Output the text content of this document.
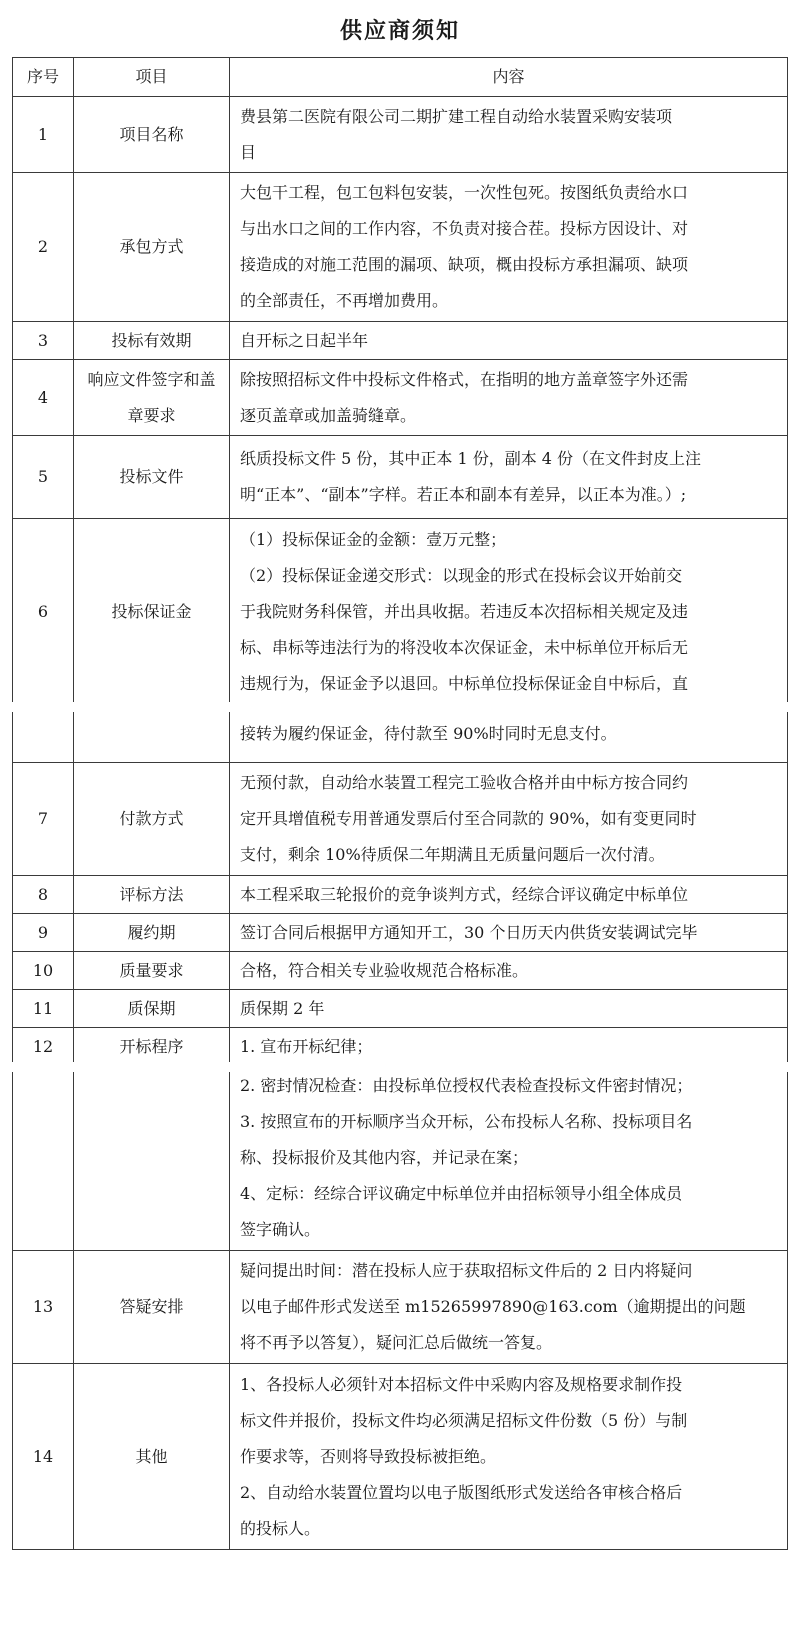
供应商须知
序号	项目	内容
1	项目名称	费县第二医院有限公司二期扩建工程自动给水装置采购安装项
目

2	承包方式	大包干工程，包工包料包安装，一次性包死。按图纸负责给水口
与出水口之间的工作内容，不负责对接合茬。投标方因设计、对
接造成的对施工范围的漏项、缺项，概由投标方承担漏项、缺项
的全部责任，不再增加费用。

3	投标有效期	自开标之日起半年

4	响应文件签字和盖章要求	除按照招标文件中投标文件格式，在指明的地方盖章签字外还需
逐页盖章或加盖骑缝章。

5	投标文件	纸质投标文件 5 份，其中正本 1 份，副本 4 份（在文件封皮上注
明“正本”、“副本”字样。若正本和副本有差异，以正本为准。）;

6	投标保证金	（1）投标保证金的金额：壹万元整；
（2）投标保证金递交形式：以现金的形式在投标会议开始前交
于我院财务科保管，并出具收据。若违反本次招标相关规定及违
标、串标等违法行为的将没收本次保证金，未中标单位开标后无
违规行为，保证金予以退回。中标单位投标保证金自中标后，直

		接转为履约保证金，待付款至 90%时同时无息支付。

7	付款方式	无预付款，自动给水装置工程完工验收合格并由中标方按合同约
定开具增值税专用普通发票后付至合同款的 90%，如有变更同时
支付，剩余 10%待质保二年期满且无质量问题后一次付清。

8	评标方法	本工程采取三轮报价的竞争谈判方式，经综合评议确定中标单位

9	履约期	签订合同后根据甲方通知开工，30 个日历天内供货安装调试完毕

10	质量要求	合格，符合相关专业验收规范合格标准。

11	质保期	质保期 2 年

12	开标程序	1. 宣布开标纪律；

		2. 密封情况检查：由投标单位授权代表检查投标文件密封情况；
3. 按照宣布的开标顺序当众开标，公布投标人名称、投标项目名
称、投标报价及其他内容，并记录在案；
4、定标：经综合评议确定中标单位并由招标领导小组全体成员
签字确认。

13	答疑安排	疑问提出时间：潜在投标人应于获取招标文件后的 2 日内将疑问
以电子邮件形式发送至 m15265997890@163.com（逾期提出的问题
将不再予以答复），疑问汇总后做统一答复。

14	其他	1、各投标人必须针对本招标文件中采购内容及规格要求制作投
标文件并报价，投标文件均必须满足招标文件份数（5 份）与制
作要求等，否则将导致投标被拒绝。
2、自动给水装置位置均以电子版图纸形式发送给各审核合格后
的投标人。
